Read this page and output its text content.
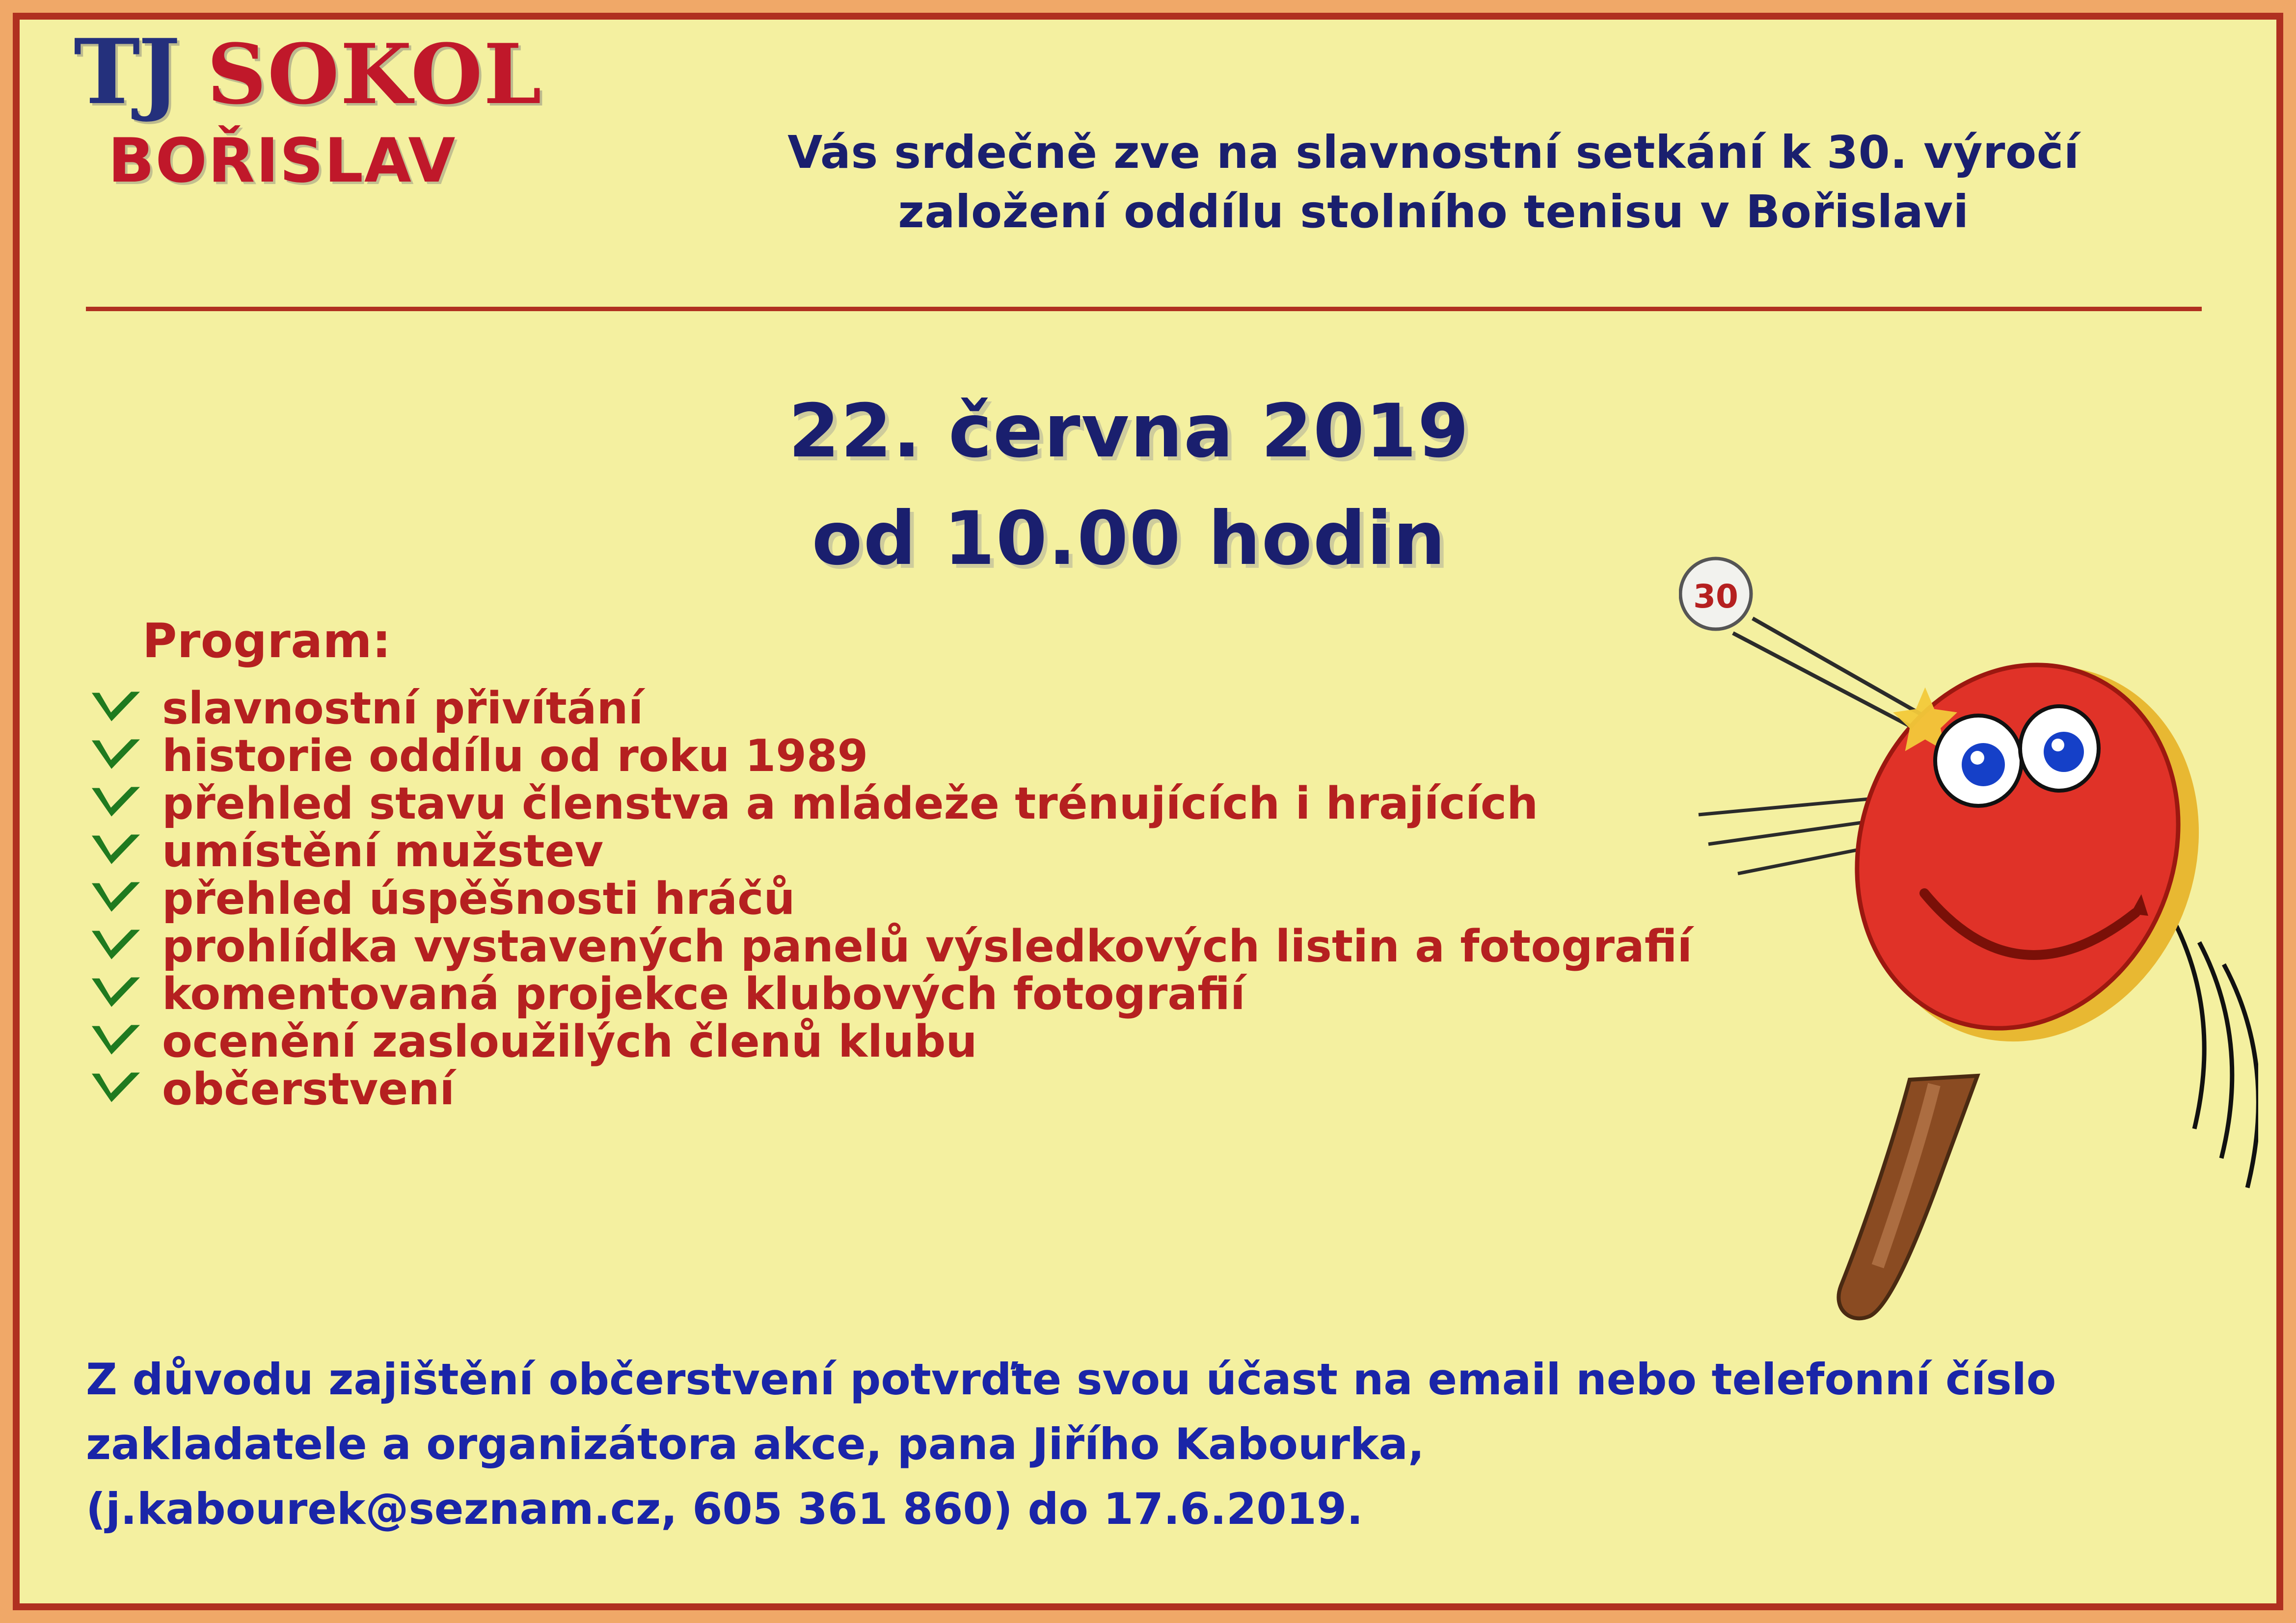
TJ SOKOL
BOŘISLAV	Vás srdečně zve na slavnostní setkání k 30. výročí
založení oddílu stolního tenisu v Bořislavi
22. června 2019
od 10.00 hodin
Program:
slavnostní přivítání
historie oddílu od roku 1989
přehled stavu členstva a mládeže trénujících i hrajících
umístění mužstev
přehled úspěšnosti hráčů
prohlídka vystavených panelů výsledkových listin a fotografií
komentovaná projekce klubových fotografií
ocenění zasloužilých členů klubu
občerstvení
30
Z důvodu zajištění občerstvení potvrďte svou účast na email nebo telefonní číslo
zakladatele a organizátora akce, pana Jiřího Kabourka,
(j.kabourek@seznam.cz, 605 361 860) do 17.6.2019.
